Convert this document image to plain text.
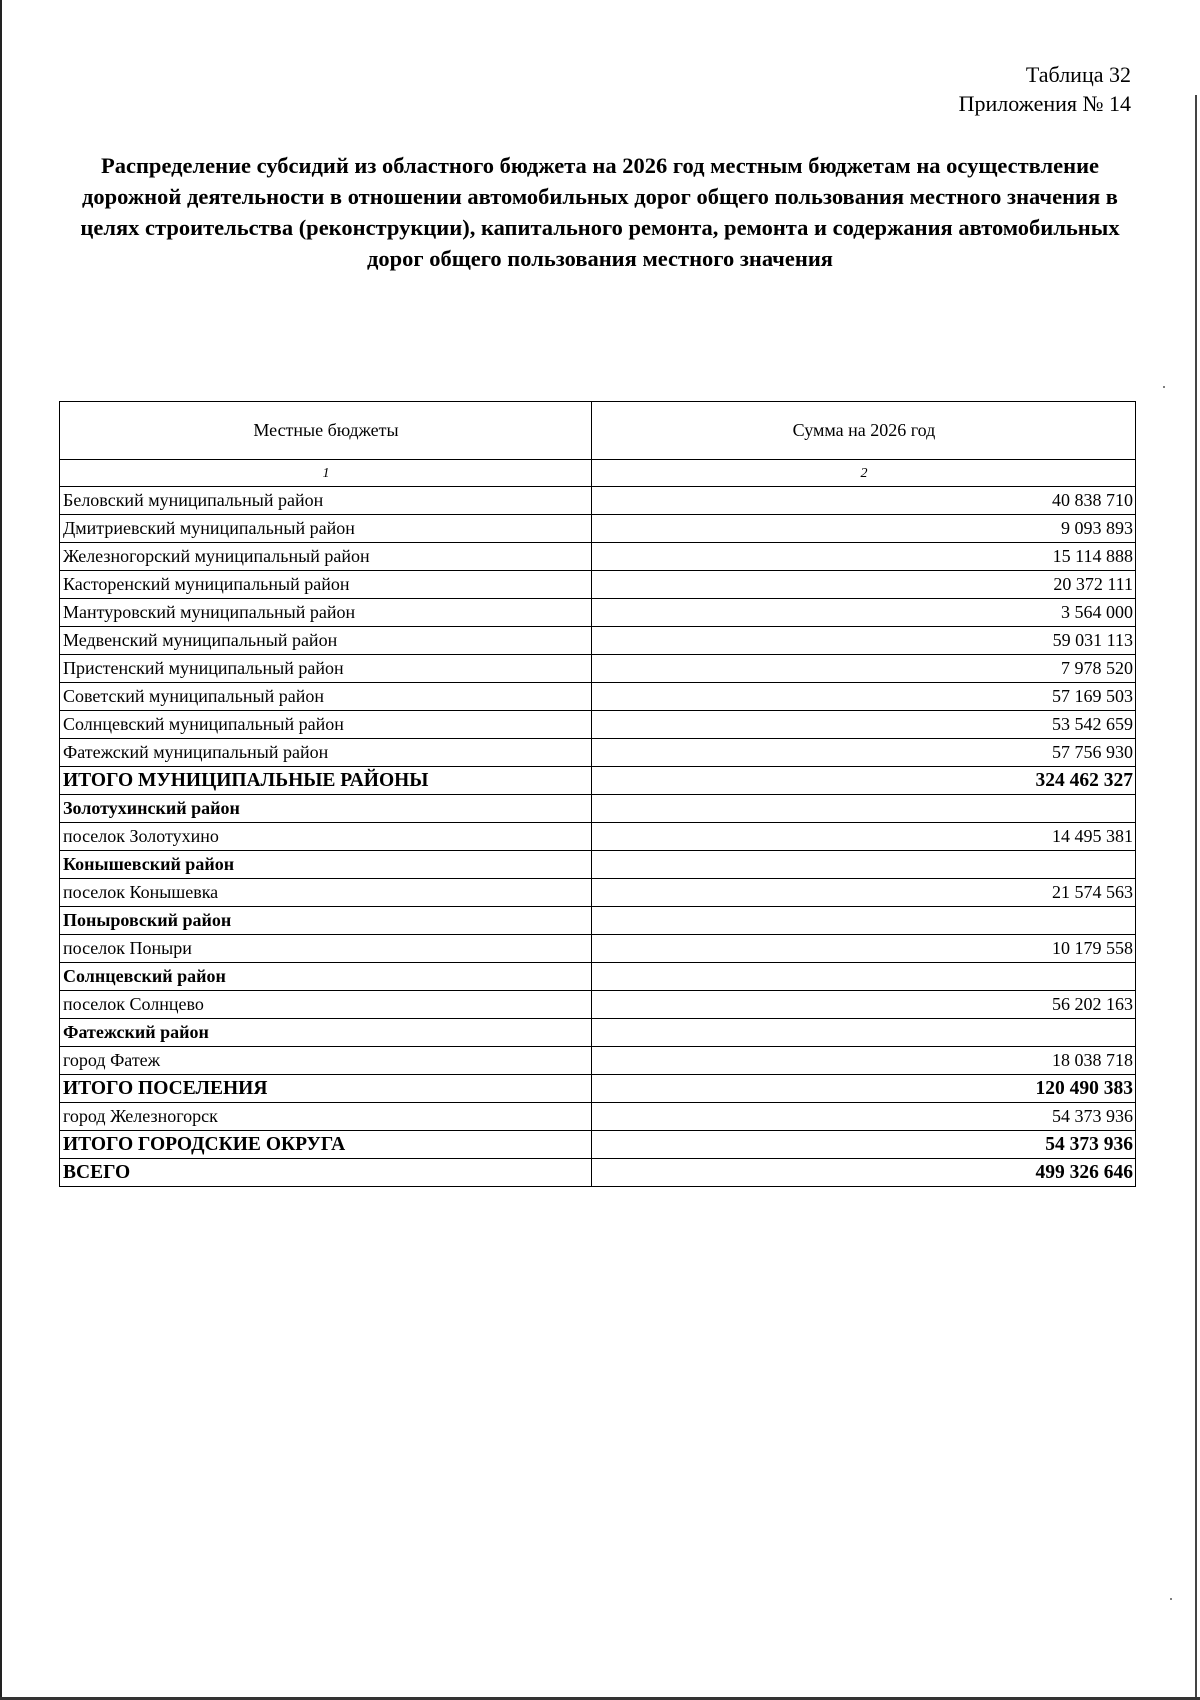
Таблица 32
Приложения № 14
Распределение субсидий из областного бюджета на 2026 год местным бюджетам на осуществление дорожной деятельности в отношении автомобильных дорог общего пользования местного значения в целях строительства (реконструкции), капитального ремонта, ремонта и содержания автомобильных дорог общего пользования местного значения
Местные бюджеты	Сумма на 2026 год
1	2
Беловский муниципальный район	40 838 710
Дмитриевский муниципальный район	9 093 893
Железногорский муниципальный район	15 114 888
Касторенский муниципальный район	20 372 111
Мантуровский муниципальный район	3 564 000
Медвенский муниципальный район	59 031 113
Пристенский муниципальный район	7 978 520
Советский муниципальный район	57 169 503
Солнцевский муниципальный район	53 542 659
Фатежский муниципальный район	57 756 930
ИТОГО МУНИЦИПАЛЬНЫЕ РАЙОНЫ	324 462 327
Золотухинский район	
поселок Золотухино	14 495 381
Конышевский район	
поселок Конышевка	21 574 563
Поныровский район	
поселок Поныри	10 179 558
Солнцевский район	
поселок Солнцево	56 202 163
Фатежский район	
город Фатеж	18 038 718
ИТОГО ПОСЕЛЕНИЯ	120 490 383
город Железногорск	54 373 936
ИТОГО ГОРОДСКИЕ ОКРУГА	54 373 936
ВСЕГО	499 326 646
